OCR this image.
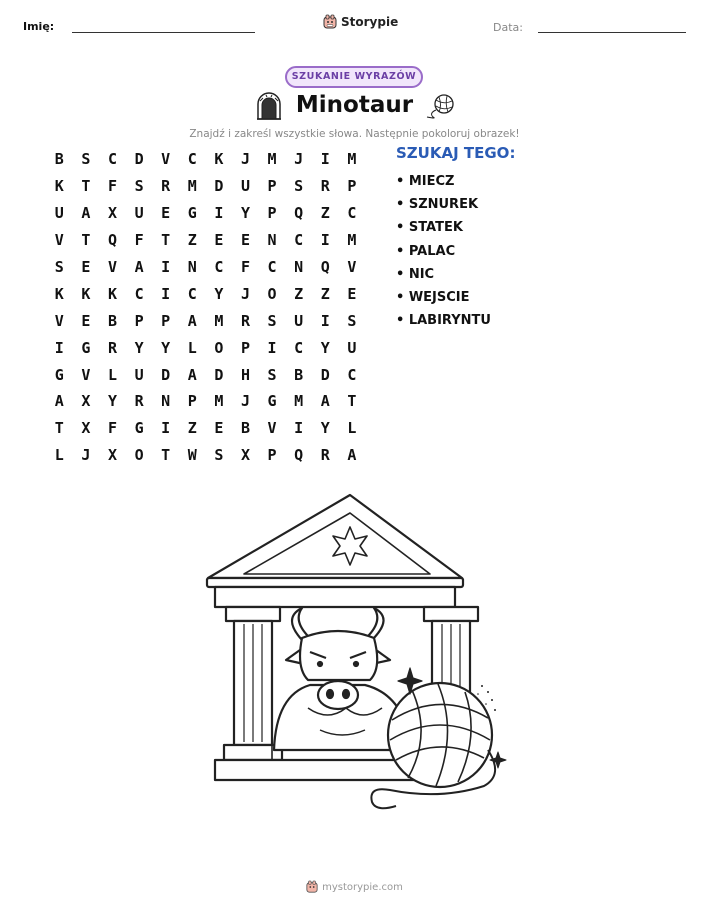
Imię:	Storypie	Data:
SZUKANIE WYRAZÓW
Minotaur
Znajdź i zakreśl wszystkie słowa. Następnie pokoloruj obrazek!
B	S	C	D	V	C	K	J	M	J	I	M
K	T	F	S	R	M	D	U	P	S	R	P
U	A	X	U	E	G	I	Y	P	Q	Z	C
V	T	Q	F	T	Z	E	E	N	C	I	M
S	E	V	A	I	N	C	F	C	N	Q	V
K	K	K	C	I	C	Y	J	O	Z	Z	E
V	E	B	P	P	A	M	R	S	U	I	S
I	G	R	Y	Y	L	O	P	I	C	Y	U
G	V	L	U	D	A	D	H	S	B	D	C
A	X	Y	R	N	P	M	J	G	M	A	T
T	X	F	G	I	Z	E	B	V	I	Y	L
L	J	X	O	T	W	S	X	P	Q	R	A
SZUKAJ TEGO:
• MIECZ
• SZNUREK
• STATEK
• PALAC
• NIC
• WEJSCIE
• LABIRYNTU
mystorypie.com
